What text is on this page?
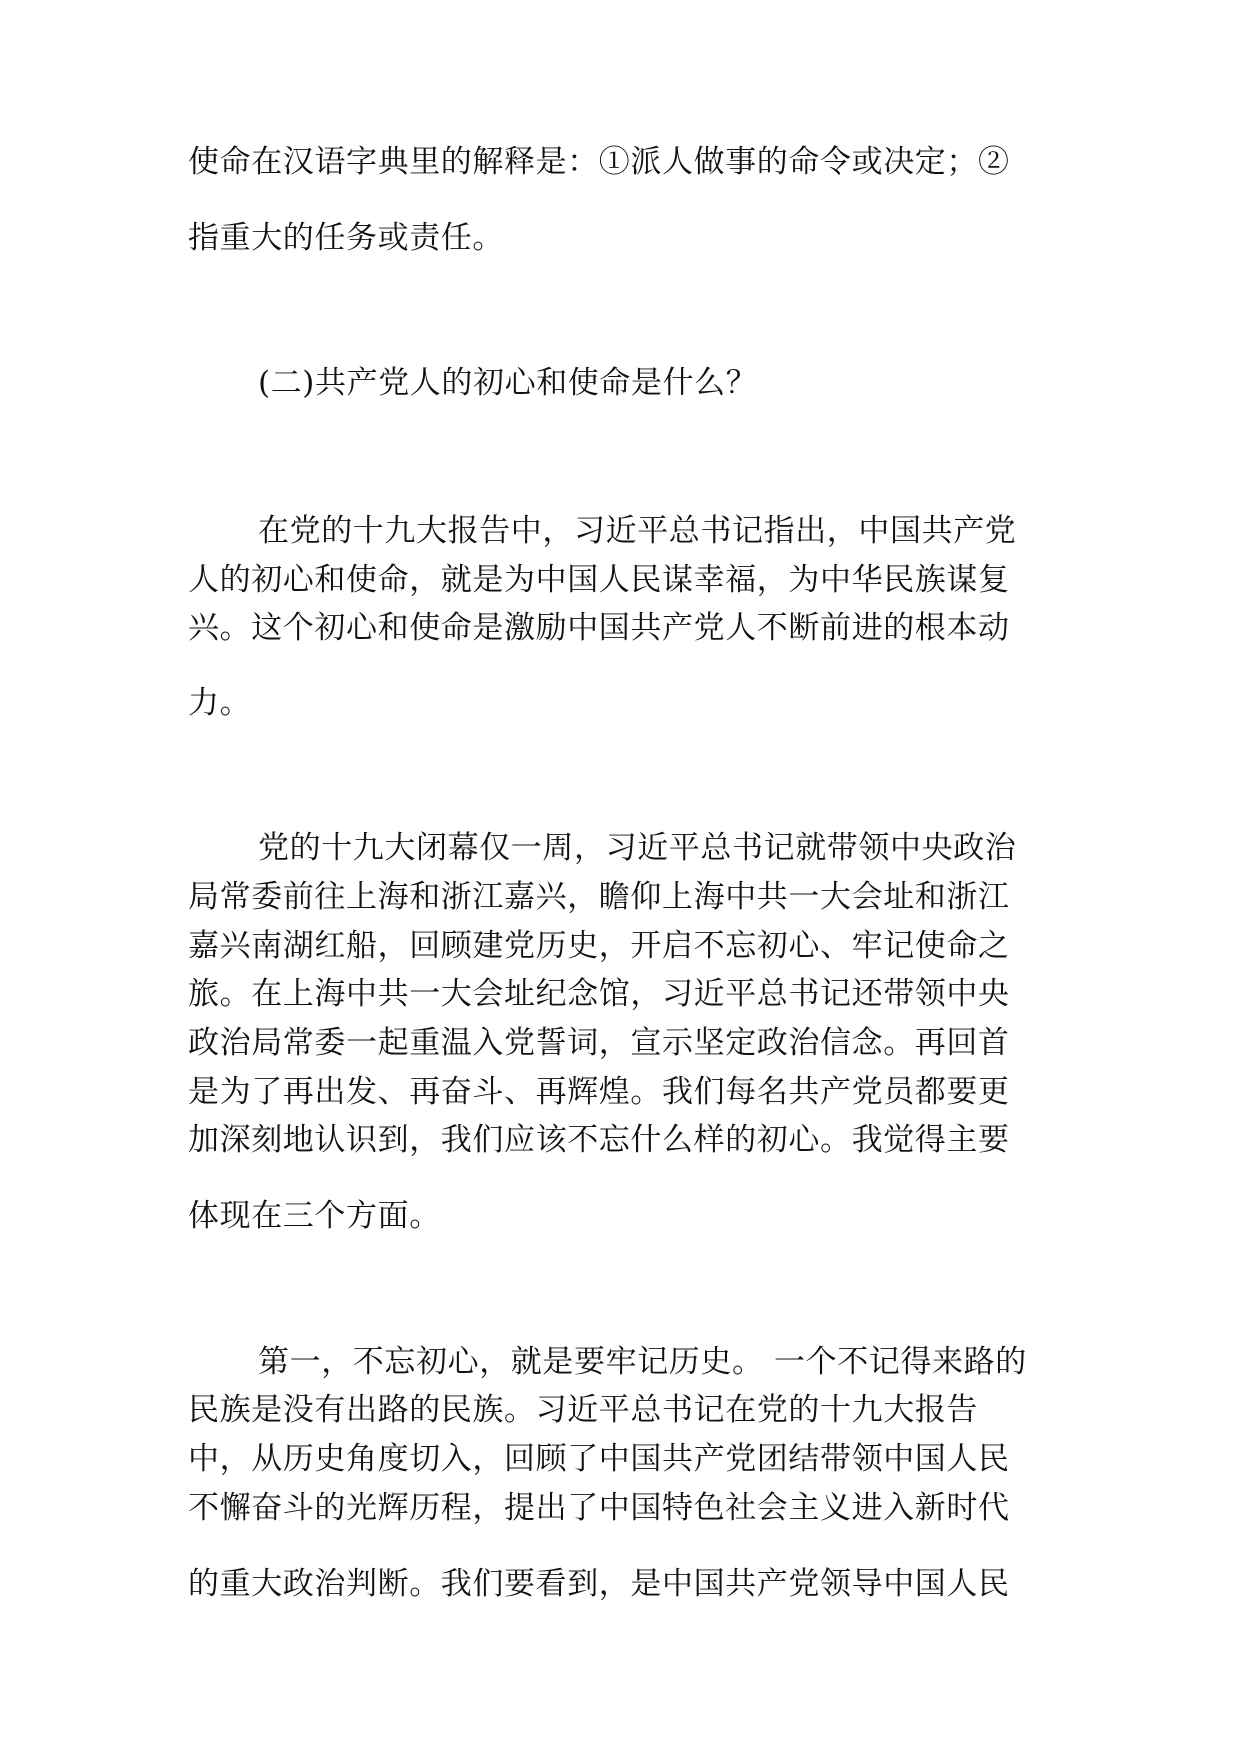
使命在汉语字典里的解释是：①派人做事的命令或决定；②
指重大的任务或责任。
(二)共产党人的初心和使命是什么？
在党的十九大报告中，习近平总书记指出，中国共产党
人的初心和使命，就是为中国人民谋幸福，为中华民族谋复
兴。这个初心和使命是激励中国共产党人不断前进的根本动
力。
党的十九大闭幕仅一周，习近平总书记就带领中央政治
局常委前往上海和浙江嘉兴，瞻仰上海中共一大会址和浙江
嘉兴南湖红船，回顾建党历史，开启不忘初心、牢记使命之
旅。在上海中共一大会址纪念馆，习近平总书记还带领中央
政治局常委一起重温入党誓词，宣示坚定政治信念。再回首
是为了再出发、再奋斗、再辉煌。我们每名共产党员都要更
加深刻地认识到，我们应该不忘什么样的初心。我觉得主要
体现在三个方面。
第一，不忘初心，就是要牢记历史。 一个不记得来路的
民族是没有出路的民族。习近平总书记在党的十九大报告
中，从历史角度切入，回顾了中国共产党团结带领中国人民
不懈奋斗的光辉历程，提出了中国特色社会主义进入新时代
的重大政治判断。我们要看到，是中国共产党领导中国人民
